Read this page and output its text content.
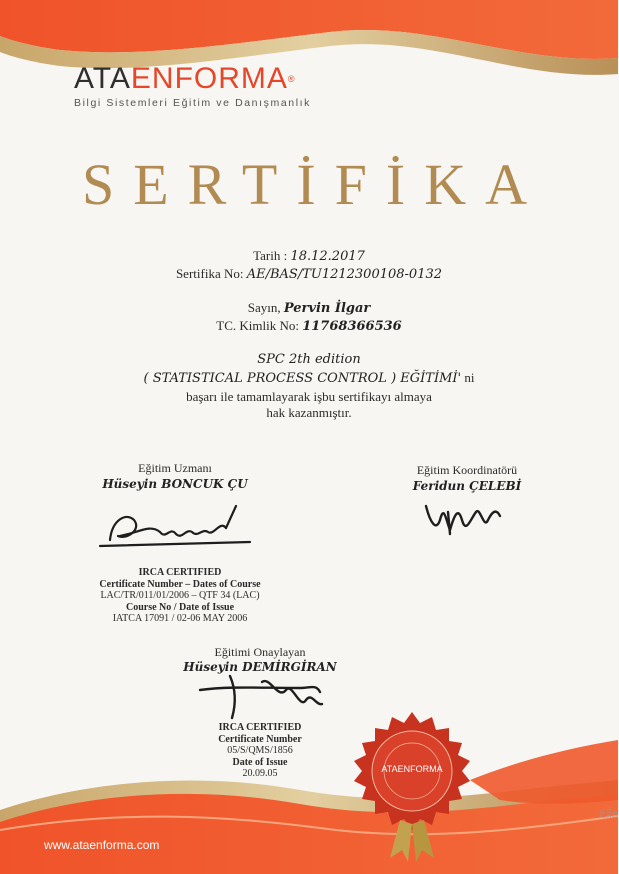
ATAENFORMA
ATAENFORMA®
Bilgi Sistemleri Eğitim ve Danışmanlık
SERTİFİKA
Tarih : 18.12.2017
Sertifika No: AE/BAS/TU1212300108-0132
Sayın, Pervin İlgar
TC. Kimlik No: 11768366536
SPC 2th edition
( STATISTICAL PROCESS CONTROL ) EĞİTİMİ' ni
başarı ile tamamlayarak işbu sertifikayı almaya
hak kazanmıştır.
Eğitim Uzmanı
Hüseyin BONCUK ÇU
IRCA CERTIFIED
Certificate Number – Dates of Course
LAC/TR/011/01/2006 – QTF 34 (LAC)
Course No / Date of Issue
IATCA 17091 / 02-06 MAY 2006
Eğitim Koordinatörü
Feridun ÇELEBİ
Eğitimi Onaylayan
Hüseyin DEMİRGİRAN
IRCA CERTIFIED
Certificate Number
05/S/QMS/1856
Date of Issue
20.09.05
www.ataenforma.com
FR-301-03
